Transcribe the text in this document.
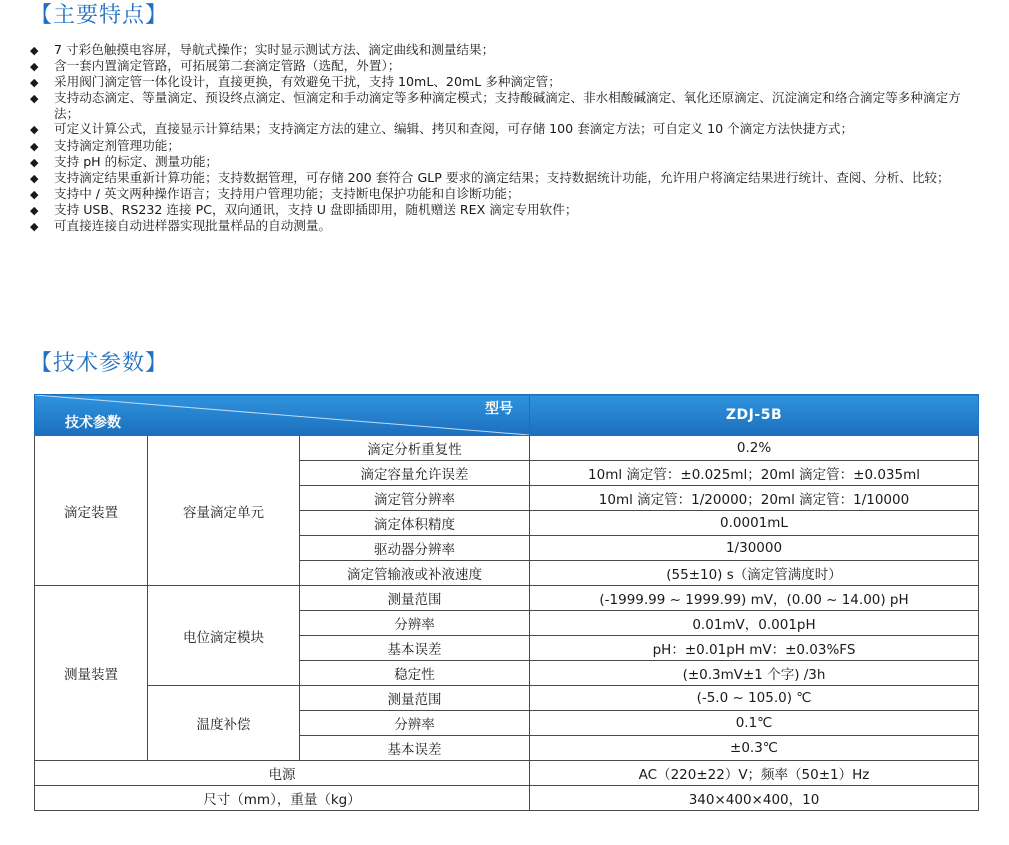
【主要特点】
◆ 7 寸彩色触摸电容屏，导航式操作；实时显示测试方法、滴定曲线和测量结果；
◆ 含一套内置滴定管路，可拓展第二套滴定管路（选配，外置）；
◆ 采用阀门滴定管一体化设计，直接更换，有效避免干扰，支持 10mL、20mL 多种滴定管；
◆ 支持动态滴定、等量滴定、预设终点滴定、恒滴定和手动滴定等多种滴定模式；支持酸碱滴定、非水相酸碱滴定、氧化还原滴定、沉淀滴定和络合滴定等多种滴定方法；
◆ 可定义计算公式，直接显示计算结果；支持滴定方法的建立、编辑、拷贝和查阅，可存储 100 套滴定方法；可自定义 10 个滴定方法快捷方式；
◆ 支持滴定剂管理功能；
◆ 支持 pH 的标定、测量功能；
◆ 支持滴定结果重新计算功能；支持数据管理，可存储 200 套符合 GLP 要求的滴定结果；支持数据统计功能，允许用户将滴定结果进行统计、查阅、分析、比较；
◆ 支持中 / 英文两种操作语言；支持用户管理功能；支持断电保护功能和自诊断功能；
◆ 支持 USB、RS232 连接 PC，双向通讯，支持 U 盘即插即用，随机赠送 REX 滴定专用软件；
◆ 可直接连接自动进样器实现批量样品的自动测量。
【技术参数】
技术参数
型号			ZDJ-5B
滴定装置	容量滴定单元	滴定分析重复性	0.2%
		滴定容量允许误差	10ml 滴定管：±0.025ml；20ml 滴定管：±0.035ml
		滴定管分辨率	10ml 滴定管：1/20000；20ml 滴定管：1/10000
		滴定体积精度	0.0001mL
		驱动器分辨率	1/30000
		滴定管输液或补液速度	(55±10) s（滴定管满度时）
测量装置	电位滴定模块	测量范围	(-1999.99 ~ 1999.99) mV，(0.00 ~ 14.00) pH
		分辨率	0.01mV，0.001pH
		基本误差	pH：±0.01pH mV：±0.03%FS
		稳定性	(±0.3mV±1 个字) /3h
	温度补偿	测量范围	(-5.0 ~ 105.0) ℃
		分辨率	0.1℃
		基本误差	±0.3℃
电源			AC（220±22）V；频率（50±1）Hz
尺寸（mm），重量（kg）			340×400×400，10
